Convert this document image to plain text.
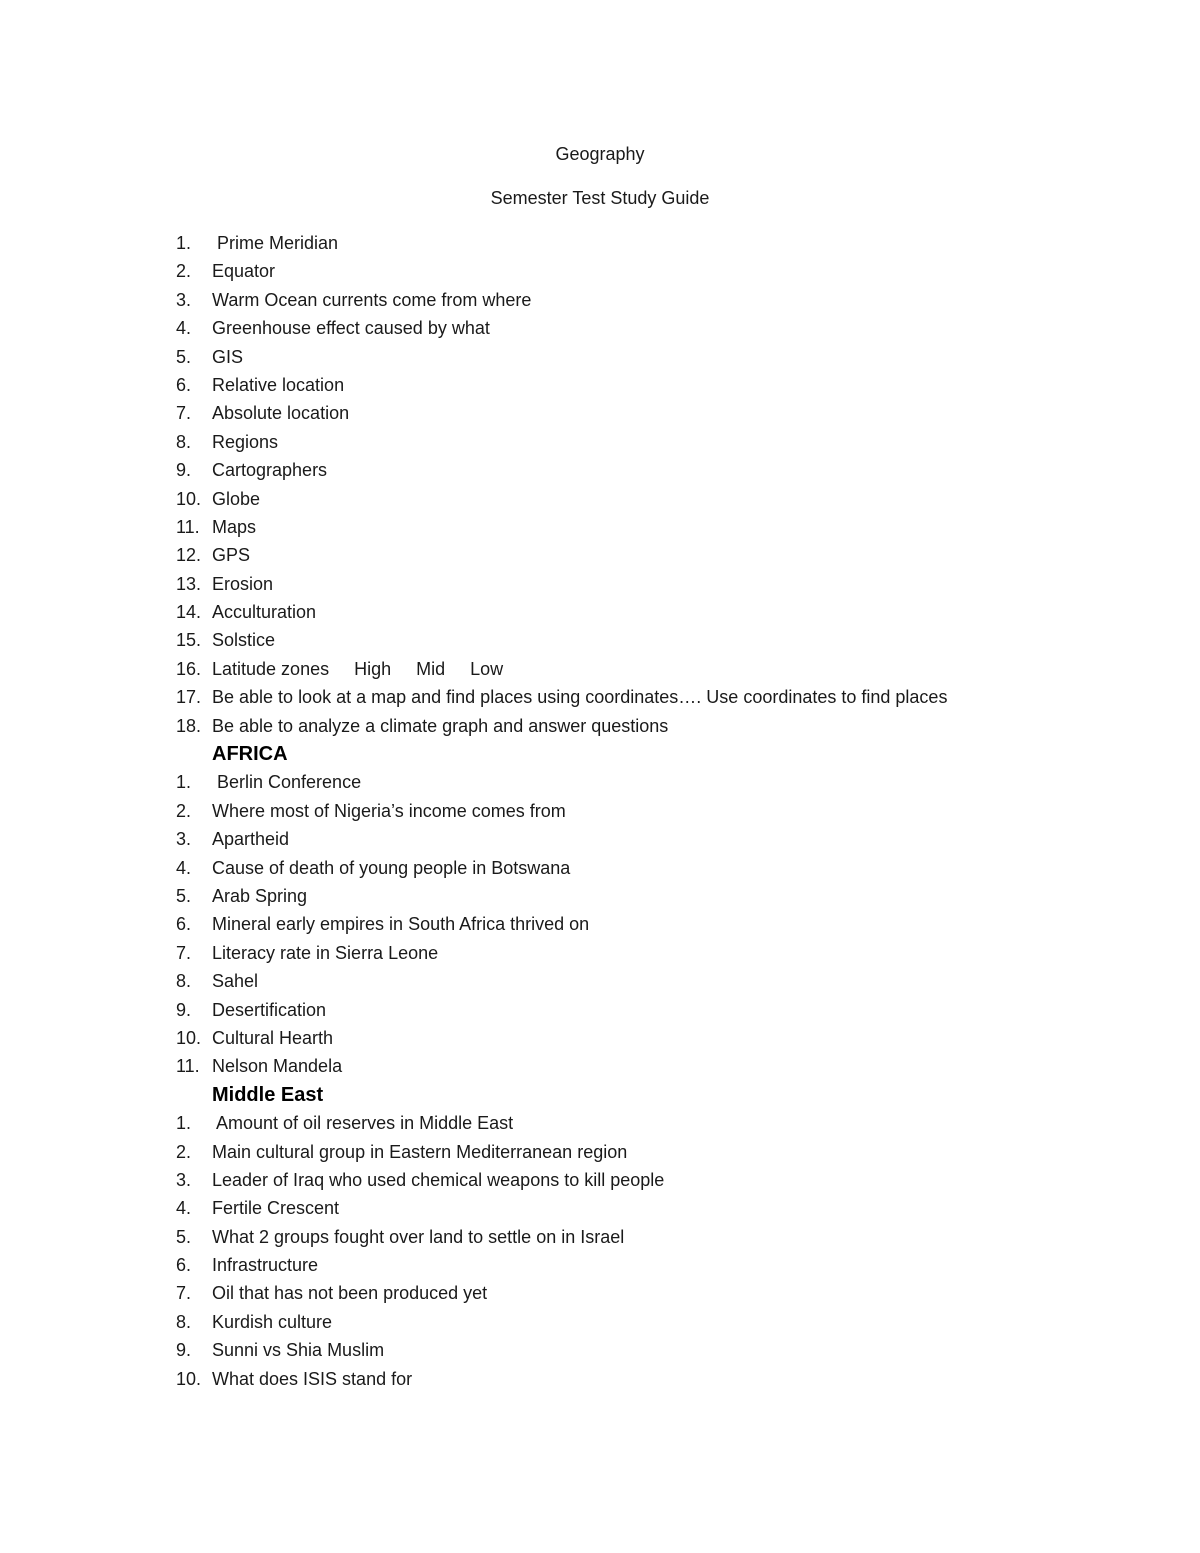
Geography
Semester Test Study Guide
1.	Prime Meridian
2.	Equator
3.	Warm Ocean currents come from where
4.	Greenhouse effect caused by what
5.	GIS
6.	Relative location
7.	Absolute location
8.	Regions
9.	Cartographers
10. Globe
11. Maps
12. GPS
13. Erosion
14. Acculturation
15. Solstice
16. Latitude zones     High     Mid     Low
17. Be able to look at a map and find places using coordinates…. Use coordinates to find places
18. Be able to analyze a climate graph and answer questions
AFRICA
1.	Berlin Conference
2.	Where most of Nigeria’s income comes from
3.	Apartheid
4.	Cause of death of young people in Botswana
5.	Arab Spring
6.	Mineral early empires in South Africa thrived on
7.	Literacy rate in Sierra Leone
8.	Sahel
9.	Desertification
10. Cultural Hearth
11. Nelson Mandela
Middle East
1.	Amount of oil reserves in Middle East
2.	Main cultural group in Eastern Mediterranean region
3.	Leader of Iraq who used chemical weapons to kill people
4.	Fertile Crescent
5.	What 2 groups fought over land to settle on in Israel
6.	Infrastructure
7.	Oil that has not been produced yet
8.	Kurdish culture
9.	Sunni vs Shia Muslim
10. What does ISIS stand for
